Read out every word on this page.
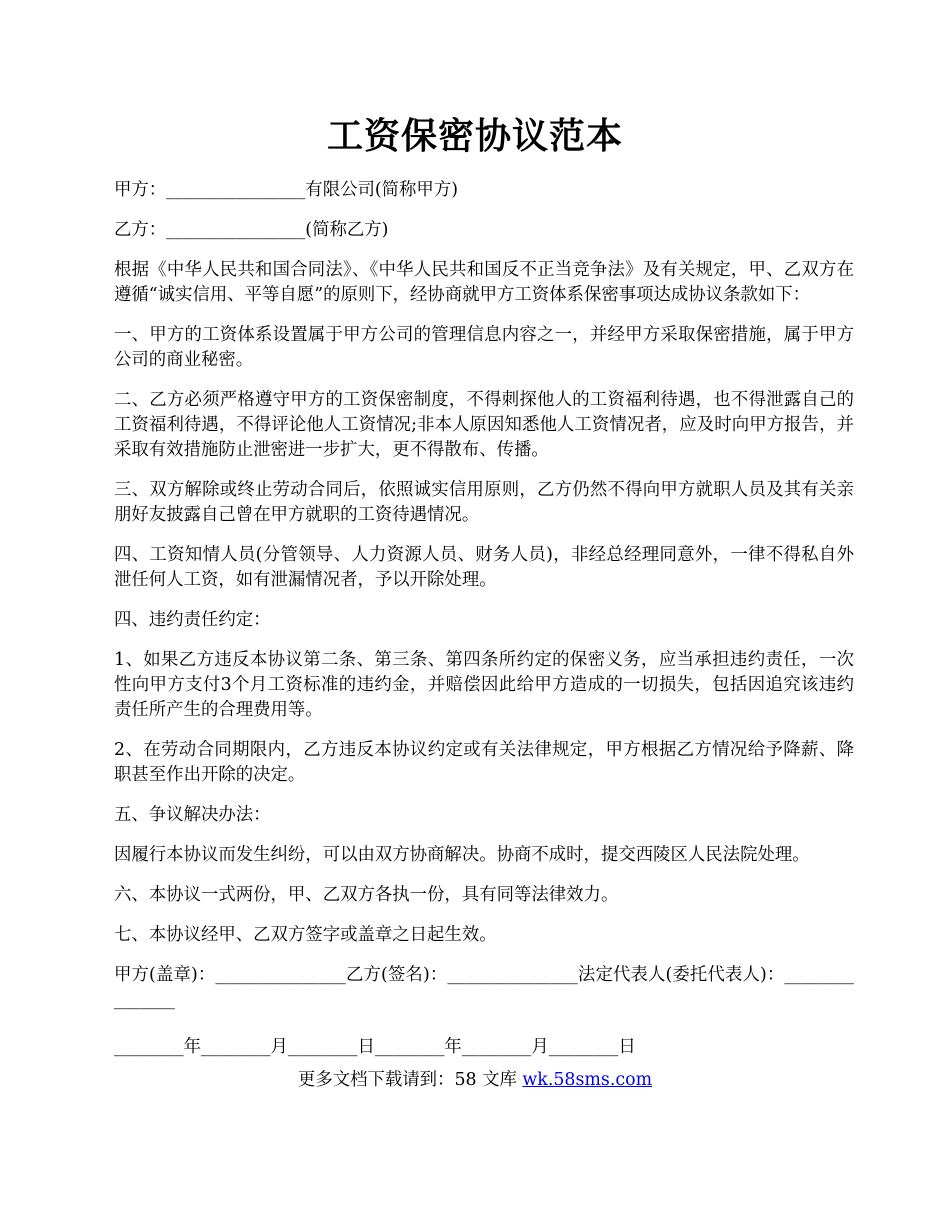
工资保密协议范本

甲方：________________有限公司(简称甲方)

乙方：________________(简称乙方)

根据《中华人民共和国合同法》、《中华人民共和国反不正当竞争法》及有关规定，甲、乙双方在遵循“诚实信用、平等自愿”的原则下，经协商就甲方工资体系保密事项达成协议条款如下：

一、甲方的工资体系设置属于甲方公司的管理信息内容之一，并经甲方采取保密措施，属于甲方公司的商业秘密。

二、乙方必须严格遵守甲方的工资保密制度，不得刺探他人的工资福利待遇，也不得泄露自己的工资福利待遇，不得评论他人工资情况;非本人原因知悉他人工资情况者，应及时向甲方报告，并采取有效措施防止泄密进一步扩大，更不得散布、传播。

三、双方解除或终止劳动合同后，依照诚实信用原则，乙方仍然不得向甲方就职人员及其有关亲朋好友披露自己曾在甲方就职的工资待遇情况。

四、工资知情人员(分管领导、人力资源人员、财务人员)，非经总经理同意外，一律不得私自外泄任何人工资，如有泄漏情况者，予以开除处理。

四、违约责任约定：

1、如果乙方违反本协议第二条、第三条、第四条所约定的保密义务，应当承担违约责任，一次性向甲方支付3个月工资标准的违约金，并赔偿因此给甲方造成的一切损失，包括因追究该违约责任所产生的合理费用等。

2、在劳动合同期限内，乙方违反本协议约定或有关法律规定，甲方根据乙方情况给予降薪、降职甚至作出开除的决定。

五、争议解决办法：

因履行本协议而发生纠纷，可以由双方协商解决。协商不成时，提交西陵区人民法院处理。

六、本协议一式两份，甲、乙双方各执一份，具有同等法律效力。

七、本协议经甲、乙双方签字或盖章之日起生效。

甲方(盖章)：_______________乙方(签名)：_______________法定代表人(委托代表人)：_______________

________年________月________日________年________月________日

更多文档下载请到：58 文库 wk.58sms.com
